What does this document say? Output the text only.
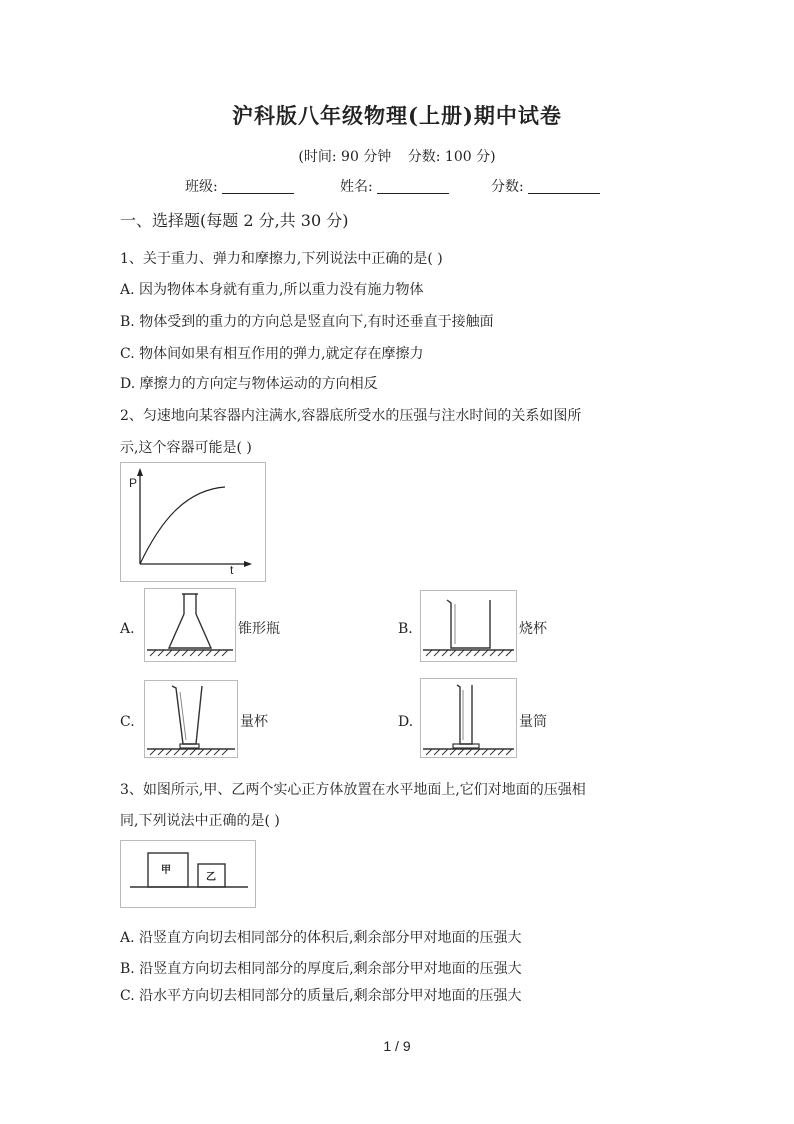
沪科版八年级物理(上册)期中试卷
(时间: 90 分钟 分数: 100 分)
班级:	姓名:	分数:
一、选择题(每题 2 分,共 30 分)
1、关于重力、弹力和摩擦力,下列说法中正确的是( )
A. 因为物体本身就有重力,所以重力没有施力物体
B. 物体受到的重力的方向总是竖直向下,有时还垂直于接触面
C. 物体间如果有相互作用的弹力,就定存在摩擦力
D. 摩擦力的方向定与物体运动的方向相反
2、匀速地向某容器内注满水,容器底所受水的压强与注水时间的关系如图所
示,这个容器可能是( )
P
t
A.	锥形瓶	B.	烧杯
C.	量杯	D.	量筒
3、如图所示,甲、乙两个实心正方体放置在水平地面上,它们对地面的压强相
同,下列说法中正确的是( )
甲
乙
A. 沿竖直方向切去相同部分的体积后,剩余部分甲对地面的压强大
B. 沿竖直方向切去相同部分的厚度后,剩余部分甲对地面的压强大
C. 沿水平方向切去相同部分的质量后,剩余部分甲对地面的压强大
1 / 9
